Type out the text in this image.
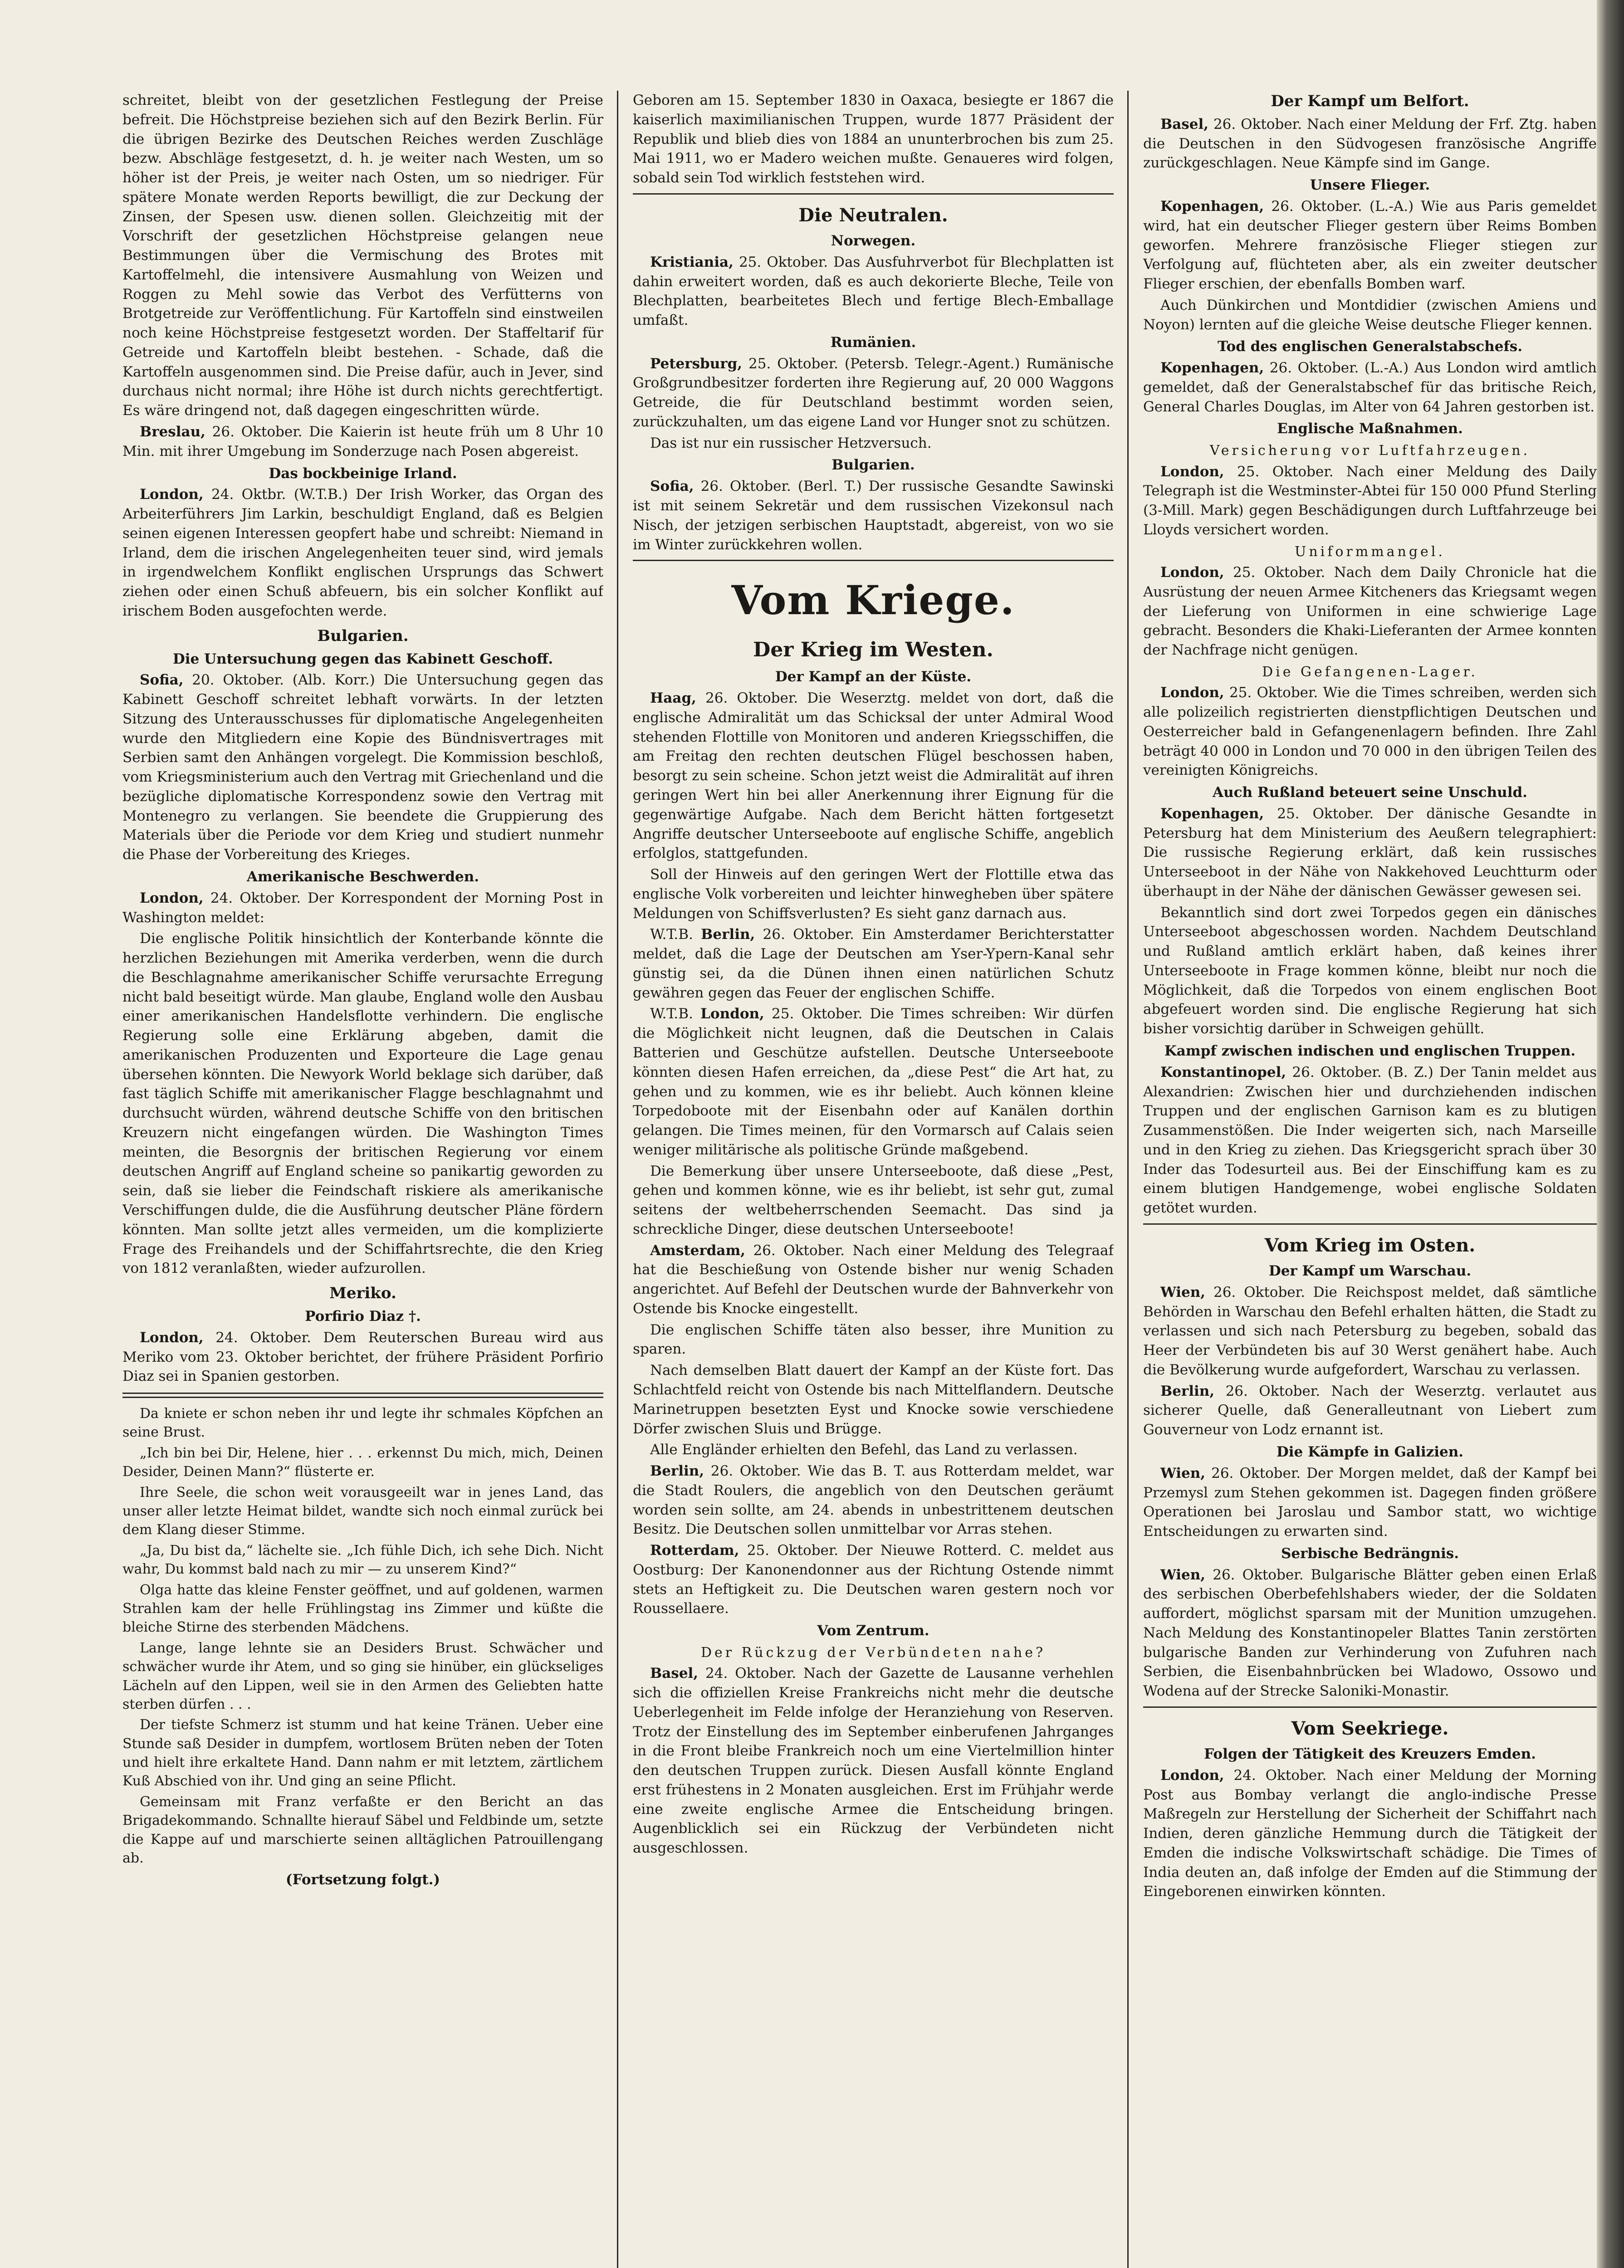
schreitet, bleibt von der gesetzlichen Festlegung der Preise befreit. Die Höchstpreise beziehen sich auf den Bezirk Berlin. Für die übrigen Bezirke des Deutschen Reiches werden Zuschläge bezw. Abschläge festgesetzt, d. h. je weiter nach Westen, um so höher ist der Preis, je weiter nach Osten, um so niedriger. Für spätere Monate werden Reports bewilligt, die zur Deckung der Zinsen, der Spesen usw. dienen sollen. Gleichzeitig mit der Vorschrift der gesetzlichen Höchstpreise gelangen neue Bestimmungen über die Vermischung des Brotes mit Kartoffelmehl, die intensivere Ausmahlung von Weizen und Roggen zu Mehl sowie das Verbot des Verfütterns von Brotgetreide zur Veröffentlichung. Für Kartoffeln sind einstweilen noch keine Höchstpreise festgesetzt worden. Der Staffeltarif für Getreide und Kartoffeln bleibt bestehen. - Schade, daß die Kartoffeln ausgenommen sind. Die Preise dafür, auch in Jever, sind durchaus nicht normal; ihre Höhe ist durch nichts gerechtfertigt. Es wäre dringend not, daß dagegen eingeschritten würde.

Breslau, 26. Oktober. Die Kaierin ist heute früh um 8 Uhr 10 Min. mit ihrer Umgebung im Sonderzuge nach Posen abgereist.

Das bockbeinige Irland.

London, 24. Oktbr. (W.T.B.) Der Irish Worker, das Organ des Arbeiterführers Jim Larkin, beschuldigt England, daß es Belgien seinen eigenen Interessen geopfert habe und schreibt: Niemand in Irland, dem die irischen Angelegenheiten teuer sind, wird jemals in irgendwelchem Konflikt englischen Ursprungs das Schwert ziehen oder einen Schuß abfeuern, bis ein solcher Konflikt auf irischem Boden ausgefochten werde.

Bulgarien.
Die Untersuchung gegen das Kabinett Geschoff.

Sofia, 20. Oktober. (Alb. Korr.) Die Untersuchung gegen das Kabinett Geschoff schreitet lebhaft vorwärts. In der letzten Sitzung des Unterausschusses für diplomatische Angelegenheiten wurde den Mitgliedern eine Kopie des Bündnisvertrages mit Serbien samt den Anhängen vorgelegt. Die Kommission beschloß, vom Kriegsministerium auch den Vertrag mit Griechenland und die bezügliche diplomatische Korrespondenz sowie den Vertrag mit Montenegro zu verlangen. Sie beendete die Gruppierung des Materials über die Periode vor dem Krieg und studiert nunmehr die Phase der Vorbereitung des Krieges.

Amerikanische Beschwerden.

London, 24. Oktober. Der Korrespondent der Morning Post in Washington meldet:

Die englische Politik hinsichtlich der Konterbande könnte die herzlichen Beziehungen mit Amerika verderben, wenn die durch die Beschlagnahme amerikanischer Schiffe verursachte Erregung nicht bald beseitigt würde. Man glaube, England wolle den Ausbau einer amerikanischen Handelsflotte verhindern. Die englische Regierung solle eine Erklärung abgeben, damit die amerikanischen Produzenten und Exporteure die Lage genau übersehen könnten. Die Newyork World beklage sich darüber, daß fast täglich Schiffe mit amerikanischer Flagge beschlagnahmt und durchsucht würden, während deutsche Schiffe von den britischen Kreuzern nicht eingefangen würden. Die Washington Times meinten, die Besorgnis der britischen Regierung vor einem deutschen Angriff auf England scheine so panikartig geworden zu sein, daß sie lieber die Feindschaft riskiere als amerikanische Verschiffungen dulde, die die Ausführung deutscher Pläne fördern könnten. Man sollte jetzt alles vermeiden, um die komplizierte Frage des Freihandels und der Schiffahrtsrechte, die den Krieg von 1812 veranlaßten, wieder aufzurollen.

Meriko.
Porfirio Diaz †.

London, 24. Oktober. Dem Reuterschen Bureau wird aus Meriko vom 23. Oktober berichtet, der frühere Präsident Porfirio Diaz sei in Spanien gestorben.

Da kniete er schon neben ihr und legte ihr schmales Köpfchen an seine Brust.

„Ich bin bei Dir, Helene, hier . . . erkennst Du mich, mich, Deinen Desider, Deinen Mann?“ flüsterte er.

Ihre Seele, die schon weit vorausgeeilt war in jenes Land, das unser aller letzte Heimat bildet, wandte sich noch einmal zurück bei dem Klang dieser Stimme.

„Ja, Du bist da,“ lächelte sie. „Ich fühle Dich, ich sehe Dich. Nicht wahr, Du kommst bald nach zu mir — zu unserem Kind?“

Olga hatte das kleine Fenster geöffnet, und auf goldenen, warmen Strahlen kam der helle Frühlingstag ins Zimmer und küßte die bleiche Stirne des sterbenden Mädchens.

Lange, lange lehnte sie an Desiders Brust. Schwächer und schwächer wurde ihr Atem, und so ging sie hinüber, ein glückseliges Lächeln auf den Lippen, weil sie in den Armen des Geliebten hatte sterben dürfen . . .

Der tiefste Schmerz ist stumm und hat keine Tränen. Ueber eine Stunde saß Desider in dumpfem, wortlosem Brüten neben der Toten und hielt ihre erkaltete Hand. Dann nahm er mit letztem, zärtlichem Kuß Abschied von ihr. Und ging an seine Pflicht.

Gemeinsam mit Franz verfaßte er den Bericht an das Brigadekommando. Schnallte hierauf Säbel und Feldbinde um, setzte die Kappe auf und marschierte seinen alltäglichen Patrouillengang ab.

(Fortsetzung folgt.)

Geboren am 15. September 1830 in Oaxaca, besiegte er 1867 die kaiserlich maximilianischen Truppen, wurde 1877 Präsident der Republik und blieb dies von 1884 an ununterbrochen bis zum 25. Mai 1911, wo er Madero weichen mußte. Genaueres wird folgen, sobald sein Tod wirklich feststehen wird.

Die Neutralen.
Norwegen.

Kristiania, 25. Oktober. Das Ausfuhrverbot für Blechplatten ist dahin erweitert worden, daß es auch dekorierte Bleche, Teile von Blechplatten, bearbeitetes Blech und fertige Blech-Emballage umfaßt.

Rumänien.

Petersburg, 25. Oktober. (Petersb. Telegr.-Agent.) Rumänische Großgrundbesitzer forderten ihre Regierung auf, 20 000 Waggons Getreide, die für Deutschland bestimmt worden seien, zurückzuhalten, um das eigene Land vor Hunger snot zu schützen.

Das ist nur ein russischer Hetzversuch.

Bulgarien.

Sofia, 26. Oktober. (Berl. T.) Der russische Gesandte Sawinski ist mit seinem Sekretär und dem russischen Vizekonsul nach Nisch, der jetzigen serbischen Hauptstadt, abgereist, von wo sie im Winter zurückkehren wollen.

Vom Kriege.
Der Krieg im Westen.
Der Kampf an der Küste.

Haag, 26. Oktober. Die Weserztg. meldet von dort, daß die englische Admiralität um das Schicksal der unter Admiral Wood stehenden Flottille von Monitoren und anderen Kriegsschiffen, die am Freitag den rechten deutschen Flügel beschossen haben, besorgt zu sein scheine. Schon jetzt weist die Admiralität auf ihren geringen Wert hin bei aller Anerkennung ihrer Eignung für die gegenwärtige Aufgabe. Nach dem Bericht hätten fortgesetzt Angriffe deutscher Unterseeboote auf englische Schiffe, angeblich erfolglos, stattgefunden.

Soll der Hinweis auf den geringen Wert der Flottille etwa das englische Volk vorbereiten und leichter hinwegheben über spätere Meldungen von Schiffsverlusten? Es sieht ganz darnach aus.

W.T.B. Berlin, 26. Oktober. Ein Amsterdamer Berichterstatter meldet, daß die Lage der Deutschen am Yser-Ypern-Kanal sehr günstig sei, da die Dünen ihnen einen natürlichen Schutz gewähren gegen das Feuer der englischen Schiffe.

W.T.B. London, 25. Oktober. Die Times schreiben: Wir dürfen die Möglichkeit nicht leugnen, daß die Deutschen in Calais Batterien und Geschütze aufstellen. Deutsche Unterseeboote könnten diesen Hafen erreichen, da „diese Pest“ die Art hat, zu gehen und zu kommen, wie es ihr beliebt. Auch können kleine Torpedoboote mit der Eisenbahn oder auf Kanälen dorthin gelangen. Die Times meinen, für den Vormarsch auf Calais seien weniger militärische als politische Gründe maßgebend.

Die Bemerkung über unsere Unterseeboote, daß diese „Pest, gehen und kommen könne, wie es ihr beliebt, ist sehr gut, zumal seitens der weltbeherrschenden Seemacht. Das sind ja schreckliche Dinger, diese deutschen Unterseeboote!

Amsterdam, 26. Oktober. Nach einer Meldung des Telegraaf hat die Beschießung von Ostende bisher nur wenig Schaden angerichtet. Auf Befehl der Deutschen wurde der Bahnverkehr von Ostende bis Knocke eingestellt.

Die englischen Schiffe täten also besser, ihre Munition zu sparen.

Nach demselben Blatt dauert der Kampf an der Küste fort. Das Schlachtfeld reicht von Ostende bis nach Mittelflandern. Deutsche Marinetruppen besetzten Eyst und Knocke sowie verschiedene Dörfer zwischen Sluis und Brügge.

Alle Engländer erhielten den Befehl, das Land zu verlassen.

Berlin, 26. Oktober. Wie das B. T. aus Rotterdam meldet, war die Stadt Roulers, die angeblich von den Deutschen geräumt worden sein sollte, am 24. abends in unbestrittenem deutschen Besitz. Die Deutschen sollen unmittelbar vor Arras stehen.

Rotterdam, 25. Oktober. Der Nieuwe Rotterd. C. meldet aus Oostburg: Der Kanonendonner aus der Richtung Ostende nimmt stets an Heftigkeit zu. Die Deutschen waren gestern noch vor Roussellaere.

Vom Zentrum.
Der Rückzug der Verbündeten nahe?

Basel, 24. Oktober. Nach der Gazette de Lausanne verhehlen sich die offiziellen Kreise Frankreichs nicht mehr die deutsche Ueberlegenheit im Felde infolge der Heranziehung von Reserven. Trotz der Einstellung des im September einberufenen Jahrganges in die Front bleibe Frankreich noch um eine Viertelmillion hinter den deutschen Truppen zurück. Diesen Ausfall könnte England erst frühestens in 2 Monaten ausgleichen. Erst im Frühjahr werde eine zweite englische Armee die Entscheidung bringen. Augenblicklich sei ein Rückzug der Verbündeten nicht ausgeschlossen.

Der Kampf um Belfort.

Basel, 26. Oktober. Nach einer Meldung der Frf. Ztg. haben die Deutschen in den Südvogesen französische Angriffe zurückgeschlagen. Neue Kämpfe sind im Gange.

Unsere Flieger.

Kopenhagen, 26. Oktober. (L.-A.) Wie aus Paris gemeldet wird, hat ein deutscher Flieger gestern über Reims Bomben geworfen. Mehrere französische Flieger stiegen zur Verfolgung auf, flüchteten aber, als ein zweiter deutscher Flieger erschien, der ebenfalls Bomben warf.

Auch Dünkirchen und Montdidier (zwischen Amiens und Noyon) lernten auf die gleiche Weise deutsche Flieger kennen.

Tod des englischen Generalstabschefs.

Kopenhagen, 26. Oktober. (L.-A.) Aus London wird amtlich gemeldet, daß der Generalstabschef für das britische Reich, General Charles Douglas, im Alter von 64 Jahren gestorben ist.

Englische Maßnahmen.
Versicherung vor Luftfahrzeugen.

London, 25. Oktober. Nach einer Meldung des Daily Telegraph ist die Westminster-Abtei für 150 000 Pfund Sterling (3-Mill. Mark) gegen Beschädigungen durch Luftfahrzeuge bei Lloyds versichert worden.

Uniformmangel.

London, 25. Oktober. Nach dem Daily Chronicle hat die Ausrüstung der neuen Armee Kitcheners das Kriegsamt wegen der Lieferung von Uniformen in eine schwierige Lage gebracht. Besonders die Khaki-Lieferanten der Armee konnten der Nachfrage nicht genügen.

Die Gefangenen-Lager.

London, 25. Oktober. Wie die Times schreiben, werden sich alle polizeilich registrierten dienstpflichtigen Deutschen und Oesterreicher bald in Gefangenenlagern befinden. Ihre Zahl beträgt 40 000 in London und 70 000 in den übrigen Teilen des vereinigten Königreichs.

Auch Rußland beteuert seine Unschuld.

Kopenhagen, 25. Oktober. Der dänische Gesandte in Petersburg hat dem Ministerium des Aeußern telegraphiert: Die russische Regierung erklärt, daß kein russisches Unterseeboot in der Nähe von Nakkehoved Leuchtturm oder überhaupt in der Nähe der dänischen Gewässer gewesen sei.

Bekanntlich sind dort zwei Torpedos gegen ein dänisches Unterseeboot abgeschossen worden. Nachdem Deutschland und Rußland amtlich erklärt haben, daß keines ihrer Unterseeboote in Frage kommen könne, bleibt nur noch die Möglichkeit, daß die Torpedos von einem englischen Boot abgefeuert worden sind. Die englische Regierung hat sich bisher vorsichtig darüber in Schweigen gehüllt.

Kampf zwischen indischen und englischen Truppen.

Konstantinopel, 26. Oktober. (B. Z.) Der Tanin meldet aus Alexandrien: Zwischen hier und durchziehenden indischen Truppen und der englischen Garnison kam es zu blutigen Zusammenstößen. Die Inder weigerten sich, nach Marseille und in den Krieg zu ziehen. Das Kriegsgericht sprach über 30 Inder das Todesurteil aus. Bei der Einschiffung kam es zu einem blutigen Handgemenge, wobei englische Soldaten getötet wurden.

Vom Krieg im Osten.
Der Kampf um Warschau.

Wien, 26. Oktober. Die Reichspost meldet, daß sämtliche Behörden in Warschau den Befehl erhalten hätten, die Stadt zu verlassen und sich nach Petersburg zu begeben, sobald das Heer der Verbündeten bis auf 30 Werst genähert habe. Auch die Bevölkerung wurde aufgefordert, Warschau zu verlassen.

Berlin, 26. Oktober. Nach der Weserztg. verlautet aus sicherer Quelle, daß Generalleutnant von Liebert zum Gouverneur von Lodz ernannt ist.

Die Kämpfe in Galizien.

Wien, 26. Oktober. Der Morgen meldet, daß der Kampf bei Przemysl zum Stehen gekommen ist. Dagegen finden größere Operationen bei Jaroslau und Sambor statt, wo wichtige Entscheidungen zu erwarten sind.

Serbische Bedrängnis.

Wien, 26. Oktober. Bulgarische Blätter geben einen Erlaß des serbischen Oberbefehlshabers wieder, der die Soldaten auffordert, möglichst sparsam mit der Munition umzugehen. Nach Meldung des Konstantinopeler Blattes Tanin zerstörten bulgarische Banden zur Verhinderung von Zufuhren nach Serbien, die Eisenbahnbrücken bei Wladowo, Ossowo und Wodena auf der Strecke Saloniki-Monastir.

Vom Seekriege.
Folgen der Tätigkeit des Kreuzers Emden.

London, 24. Oktober. Nach einer Meldung der Morning Post aus Bombay verlangt die anglo-indische Presse Maßregeln zur Herstellung der Sicherheit der Schiffahrt nach Indien, deren gänzliche Hemmung durch die Tätigkeit der Emden die indische Volkswirtschaft schädige. Die Times of India deuten an, daß infolge der Emden auf die Stimmung der Eingeborenen einwirken könnten.
